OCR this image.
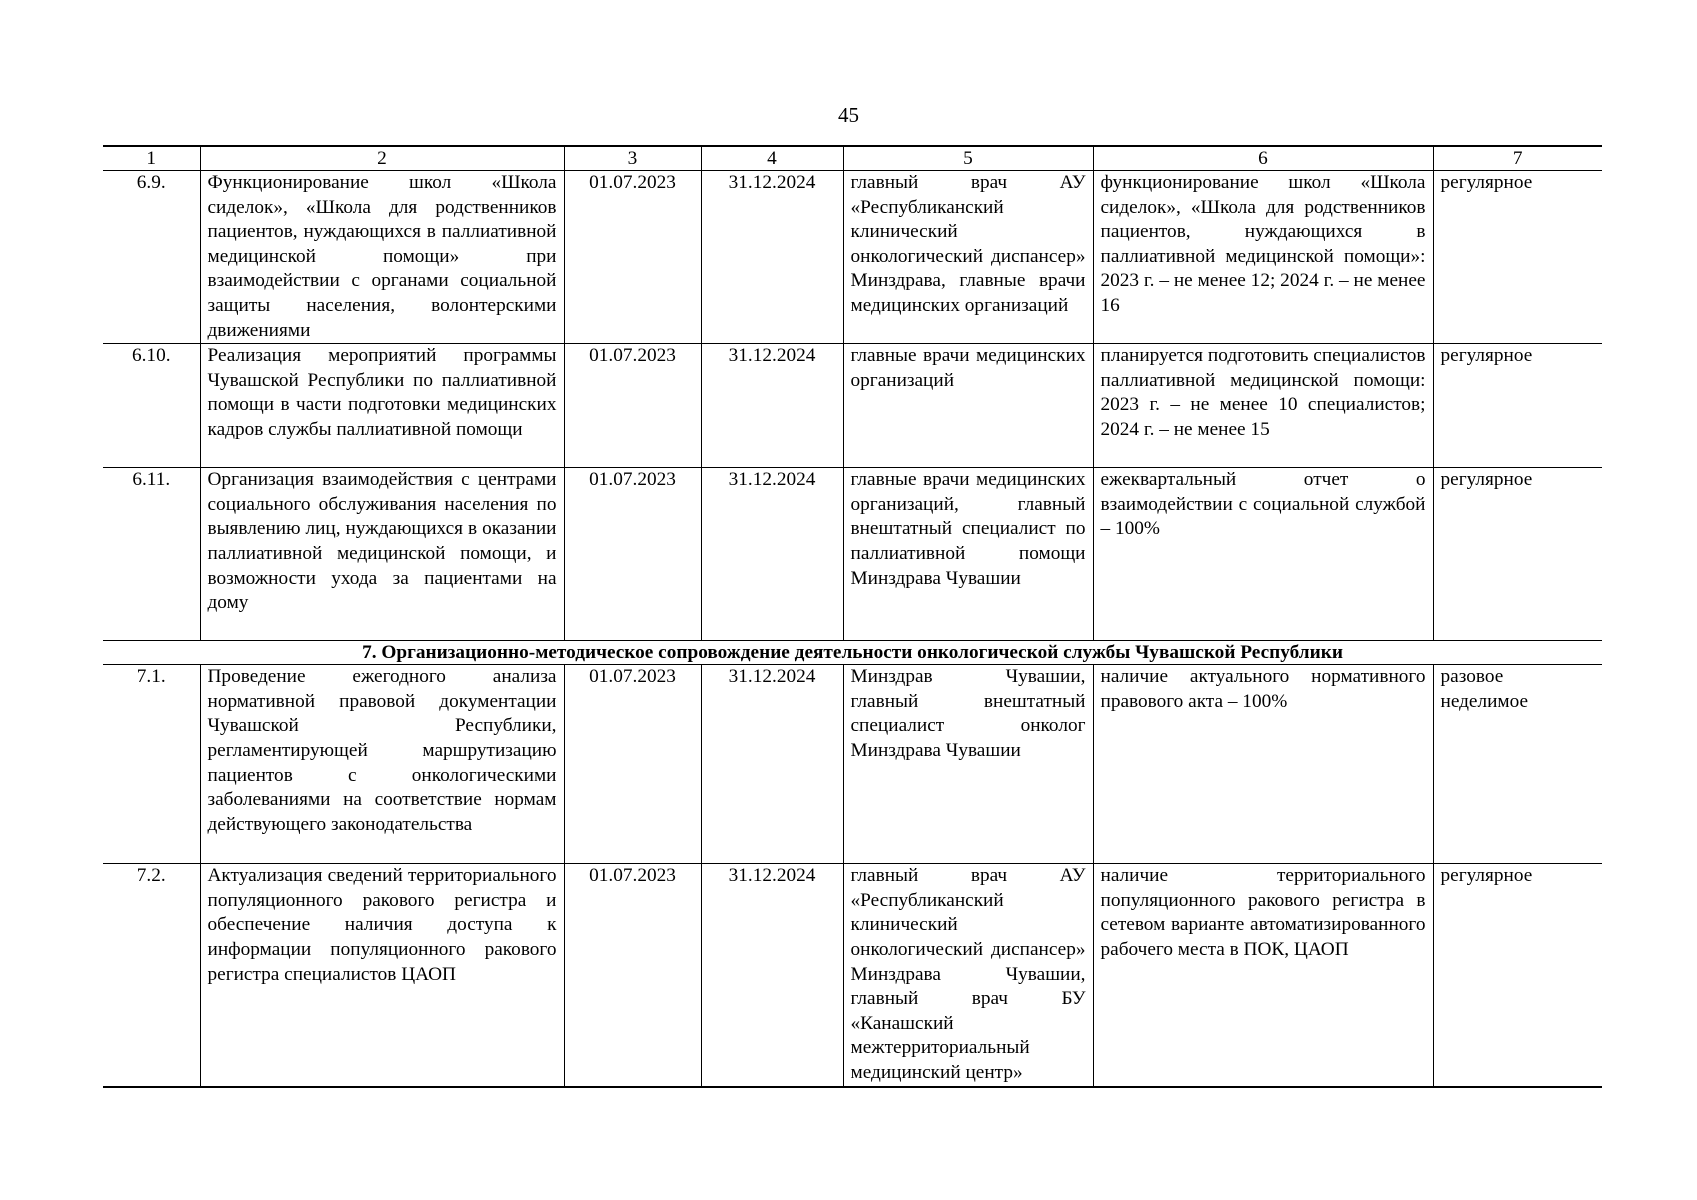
45
1	2	3	4	5	6	7
6.9.	Функционирование школ «Школа сиделок», «Школа для родственников пациентов, нуждающихся в паллиативной медицинской помощи» при взаимодействии с органами социальной защиты населения, волонтерскими движениями	01.07.2023	31.12.2024	главный врач АУ «Республиканский клинический онкологический диспансер» Минздрава, главные врачи медицинских организаций	функционирование школ «Школа сиделок», «Школа для родственников пациентов, нуждающихся в паллиативной медицинской помощи»: 2023 г. – не менее 12; 2024 г. – не менее 16	регулярное
6.10.	Реализация мероприятий программы Чувашской Республики по паллиативной помощи в части подготовки медицинских кадров службы паллиативной помощи	01.07.2023	31.12.2024	главные врачи медицинских организаций	планируется подготовить специалистов паллиативной медицинской помощи: 2023 г. – не менее 10 специалистов; 2024 г. – не менее 15	регулярное
6.11.	Организация взаимодействия с центрами социального обслуживания населения по выявлению лиц, нуждающихся в оказании паллиативной медицинской помощи, и возможности ухода за пациентами на дому	01.07.2023	31.12.2024	главные врачи медицинских организаций, главный внештатный специалист по паллиативной помощи Минздрава Чувашии	ежеквартальный отчет о взаимодействии с социальной службой – 100%	регулярное
7. Организационно-методическое сопровождение деятельности онкологической службы Чувашской Республики						
7.1.	Проведение ежегодного анализа нормативной правовой документации Чувашской Республики, регламентирующей маршрутизацию пациентов с онкологическими заболеваниями на соответствие нормам действующего законодательства	01.07.2023	31.12.2024	Минздрав Чувашии, главный внештатный специалист онколог Минздрава Чувашии	наличие актуального нормативного правового акта – 100%	разовое неделимое
7.2.	Актуализация сведений территориального популяционного ракового регистра и обеспечение наличия доступа к информации популяционного ракового регистра специалистов ЦАОП	01.07.2023	31.12.2024	главный врач АУ «Республиканский клинический онкологический диспансер» Минздрава Чувашии, главный врач БУ «Канашский межтерриториальный медицинский центр»	наличие территориального популяционного ракового регистра в сетевом варианте автоматизированного рабочего места в ПОК, ЦАОП	регулярное
